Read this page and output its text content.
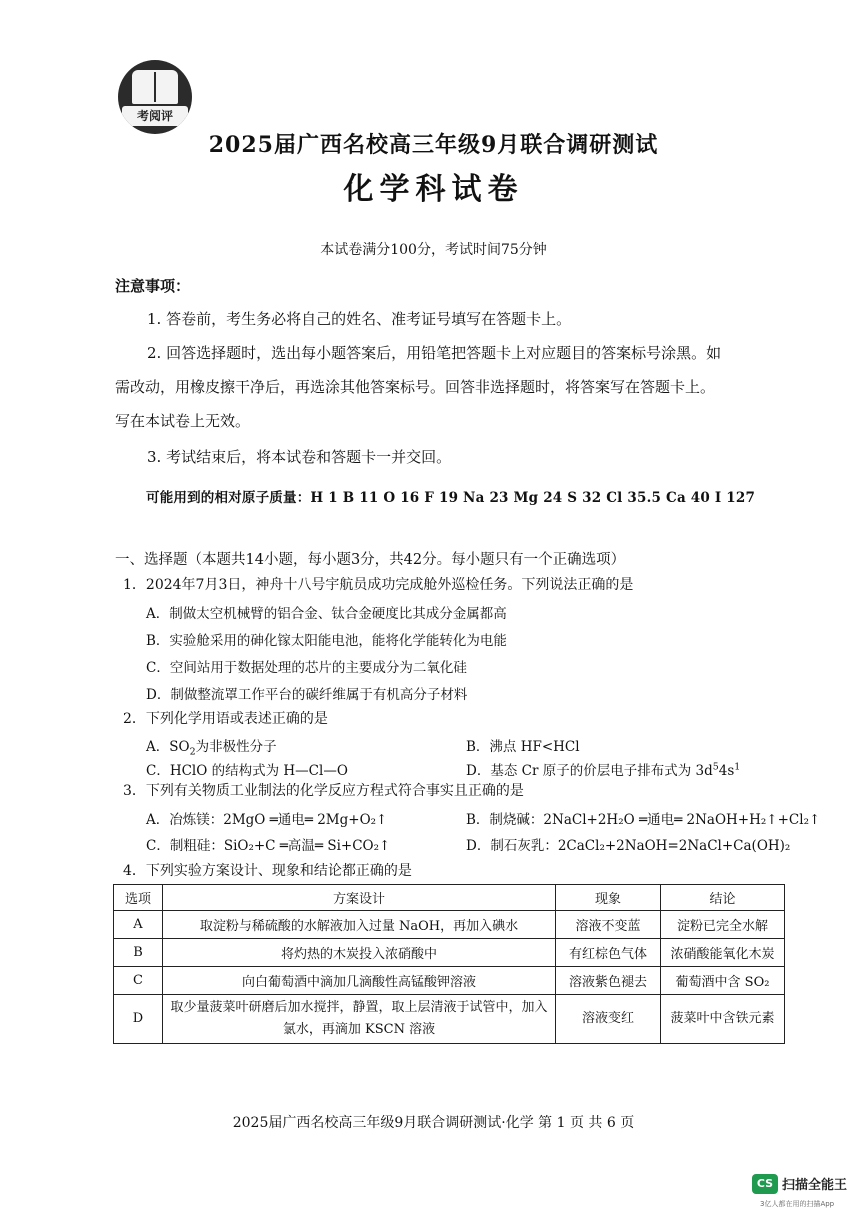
考阅评
2025届广西名校高三年级9月联合调研测试
化学科试卷
本试卷满分100分，考试时间75分钟
注意事项：
1. 答卷前，考生务必将自己的姓名、准考证号填写在答题卡上。
2. 回答选择题时，选出每小题答案后，用铅笔把答题卡上对应题目的答案标号涂黑。如
需改动，用橡皮擦干净后，再选涂其他答案标号。回答非选择题时，将答案写在答题卡上。
写在本试卷上无效。
3. 考试结束后，将本试卷和答题卡一并交回。
可能用到的相对原子质量：H 1 B 11 O 16 F 19 Na 23 Mg 24 S 32 Cl 35.5 Ca 40 I 127
一、选择题（本题共14小题，每小题3分，共42分。每小题只有一个正确选项）
1．2024年7月3日，神舟十八号宇航员成功完成舱外巡检任务。下列说法正确的是
A．制做太空机械臂的铝合金、钛合金硬度比其成分金属都高
B．实验舱采用的砷化镓太阳能电池，能将化学能转化为电能
C．空间站用于数据处理的芯片的主要成分为二氧化硅
D．制做整流罩工作平台的碳纤维属于有机高分子材料
2．下列化学用语或表述正确的是
A．$SO_2$为非极性分子	B．沸点 HF<HCl
C．HClO 的结构式为 H—Cl—O	D．基态 Cr 原子的价层电子排布式为 $3d^54s^1$
3．下列有关物质工业制法的化学反应方程式符合事实且正确的是
A．冶炼镁：2MgO ═通电═ 2Mg+O₂↑	B．制烧碱：2NaCl+2H₂O ═通电═ 2NaOH+H₂↑+Cl₂↑
C．制粗硅：SiO₂+C ═高温═ Si+CO₂↑	D．制石灰乳：2CaCl₂+2NaOH=2NaCl+Ca(OH)₂
4．下列实验方案设计、现象和结论都正确的是
选项	方案设计	现象	结论
A	取淀粉与稀硫酸的水解液加入过量 NaOH，再加入碘水	溶液不变蓝	淀粉已完全水解
B	将灼热的木炭投入浓硝酸中	有红棕色气体	浓硝酸能氧化木炭
C	向白葡萄酒中滴加几滴酸性高锰酸钾溶液	溶液紫色褪去	葡萄酒中含 SO₂
D	取少量菠菜叶研磨后加水搅拌，静置，取上层清液于试管中，加入氯水，再滴加 KSCN 溶液	溶液变红	菠菜叶中含铁元素
2025届广西名校高三年级9月联合调研测试·化学 第 1 页 共 6 页
CS 扫描全能王
3亿人都在用的扫描App
